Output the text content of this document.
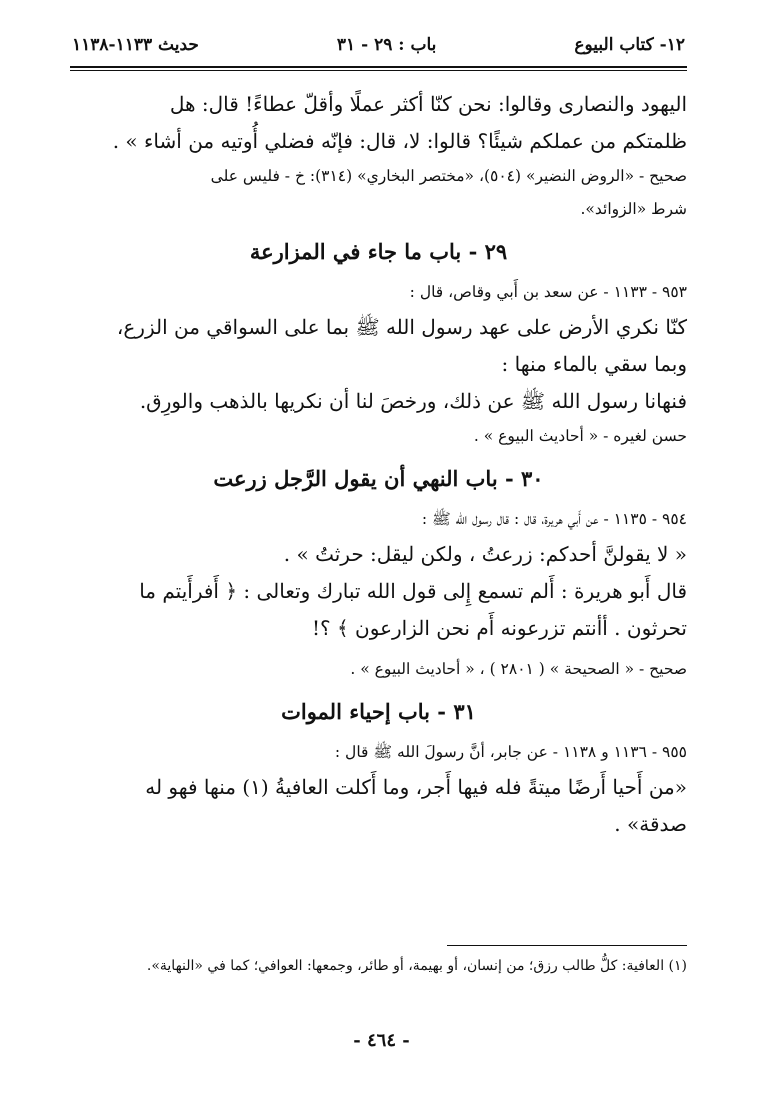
١٢- كتاب البيوع
باب : ٢٩ - ٣١
حديث ١١٣٣-١١٣٨

اليهود والنصارى وقالوا: نحن كنّا أكثر عملًا وأقلّ عطاءً! قال: هل

ظلمتكم من عملكم شيئًا؟ قالوا: لا، قال: فإنّه فضلي أُوتيه من أشاء » .

صحيح - «الروض النضير» (٥٠٤)، «مختصر البخاري» (٣١٤): خ - فليس على

شرط «الزوائد».

٢٩ - باب ما جاء في المزارعة

٩٥٣ - ١١٣٣ - عن سعد بن أَبي وقاص، قال :

كنّا نكري الأرض على عهد رسول الله ﷺ بما على السواقي من الزرع،

وبما سقي بالماء منها :

فنهانا رسول الله ﷺ عن ذلك، ورخصَ لنا أن نكريها بالذهب والورِق.

حسن لغيره - « أحاديث البيوع » .

٣٠ - باب النهي أن يقول الرَّجل زرعت

٩٥٤ - ١١٣٥ - عن أَبي هريرة، قال : قال رسول الله ﷺ :

« لا يقولنَّ أحدكم: زرعتُ ، ولكن ليقل: حرثتُ » .

قال أَبو هريرة : أَلم تسمع إِلى قول الله تبارك وتعالى : ﴿ أَفرأَيتم ما

تحرثون . أأنتم تزرعونه أَم نحن الزارعون ﴾ ؟!

صحيح - « الصحيحة » ( ٢٨٠١ ) ، « أحاديث البيوع » .

٣١ - باب إحياء الموات

٩٥٥ - ١١٣٦ و ١١٣٨ - عن جابر، أنَّ رسولَ الله ﷺ قال :

«من أَحيا أَرضًا ميتةً فله فيها أَجر، وما أَكلت العافيةُ (١) منها فهو له

صدقة» .

(١) العافية: كلُّ طالب رزق؛ من إنسان، أو بهيمة، أو طائر، وجمعها: العوافي؛ كما في «النهاية».

- ٤٦٤ -
